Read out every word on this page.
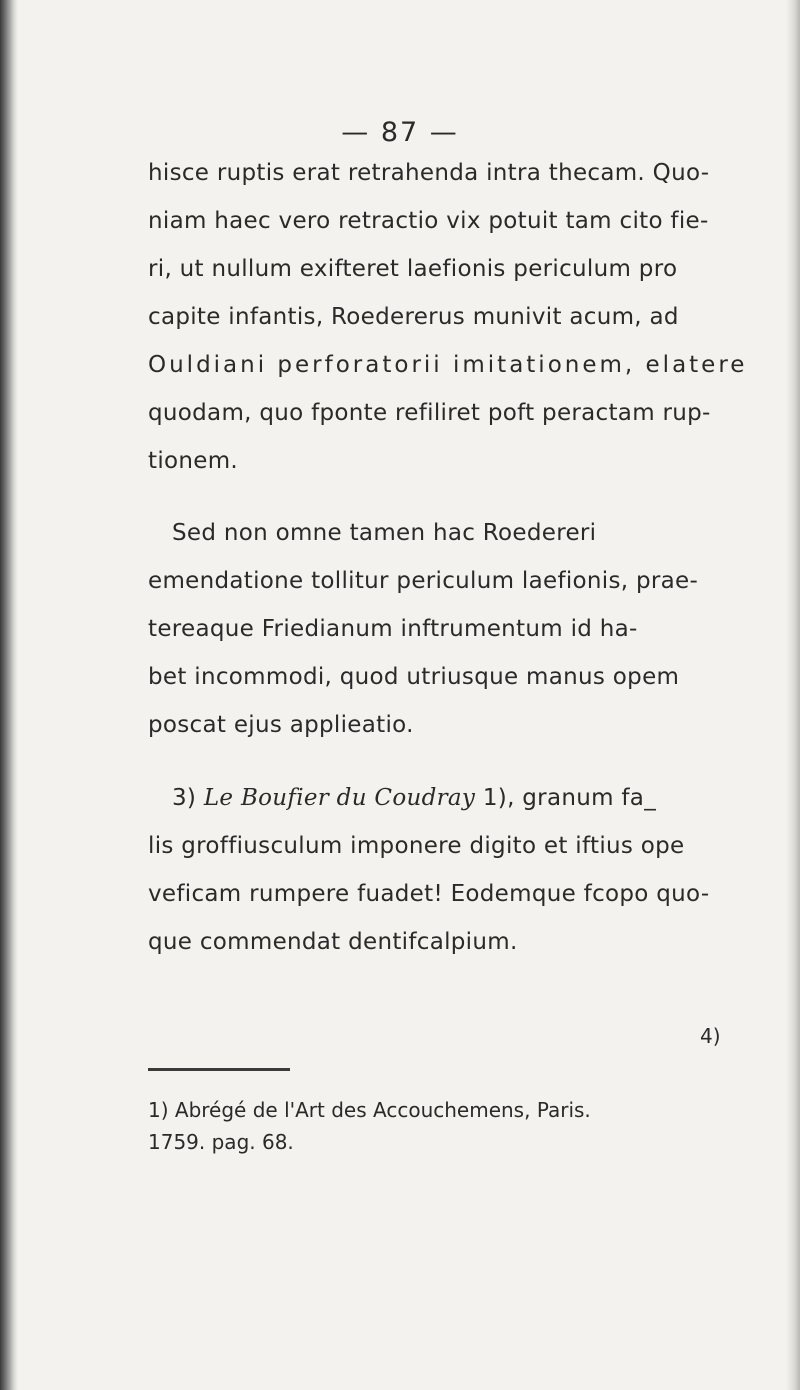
— 87 —
hisce ruptis erat retrahenda intra thecam. Quo-
niam haec vero retractio vix potuit tam cito fie-
ri, ut nullum exifteret laefionis periculum pro
capite infantis, Roedererus munivit acum, ad
Ouldiani perforatorii imitationem, elatere
quodam, quo fponte refiliret poft peractam rup-
tionem.
Sed non omne tamen hac Roedereri
emendatione tollitur periculum laefionis, prae-
tereaque Friedianum inftrumentum id ha-
bet incommodi, quod utriusque manus opem
poscat ejus applieatio.
3) Le Boufier du Coudray 1), granum fa_
lis groffiusculum imponere digito et iftius ope
veficam rumpere fuadet! Eodemque fcopo quo-
que commendat dentifcalpium.
4)
1) Abrégé de l'Art des Accouchemens, Paris.
1759. pag. 68.
